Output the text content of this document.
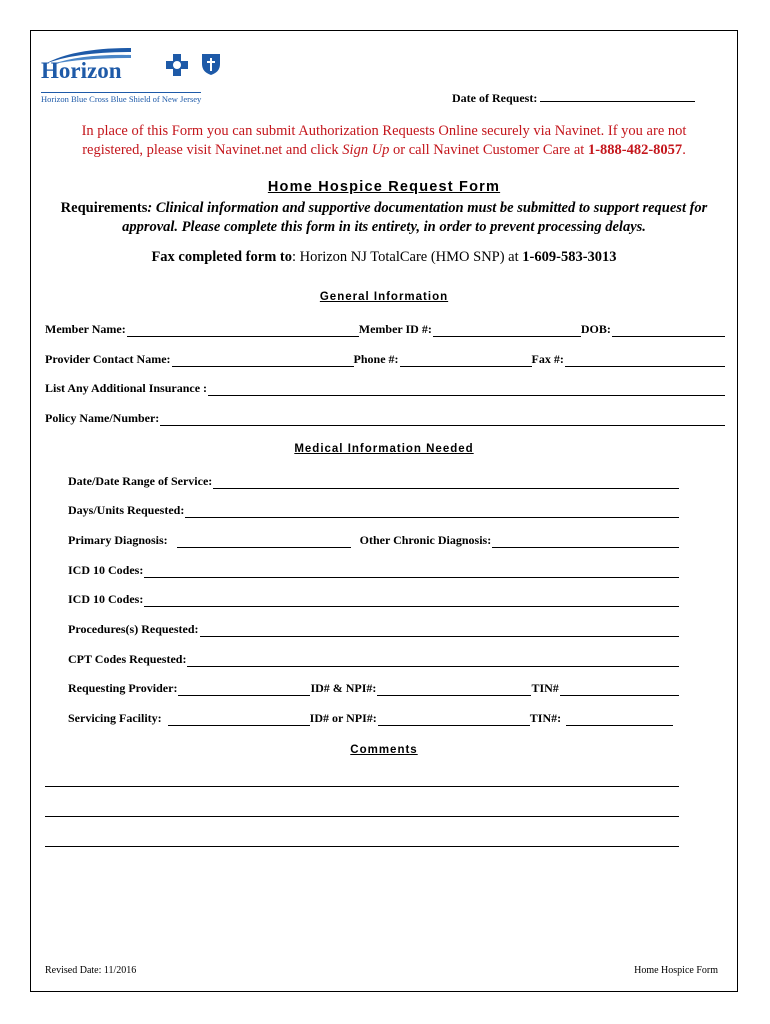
Horizon
Horizon Blue Cross Blue Shield of New Jersey	Date of Request:
In place of this Form you can submit Authorization Requests Online securely via Navinet. If you are not
registered, please visit Navinet.net and click Sign Up or call Navinet Customer Care at 1-888-482-8057.
Home Hospice Request Form
Requirements: Clinical information and supportive documentation must be submitted to support request for
approval. Please complete this form in its entirety, in order to prevent processing delays.
Fax completed form to: Horizon NJ TotalCare (HMO SNP) at 1-609-583-3013
General Information
Member Name:	Member ID #:	DOB:
Provider Contact Name:	Phone #:	Fax #:
List Any Additional Insurance :
Policy Name/Number:
Medical Information Needed
Date/Date Range of Service:
Days/Units Requested:
Primary Diagnosis:	Other Chronic Diagnosis:
ICD 10 Codes:
ICD 10 Codes:
Procedures(s) Requested:
CPT Codes Requested:
Requesting Provider:	ID# & NPI#:	TIN#
Servicing Facility:	ID# or NPI#:	TIN#:
Comments
Revised Date: 11/2016	Home Hospice Form
